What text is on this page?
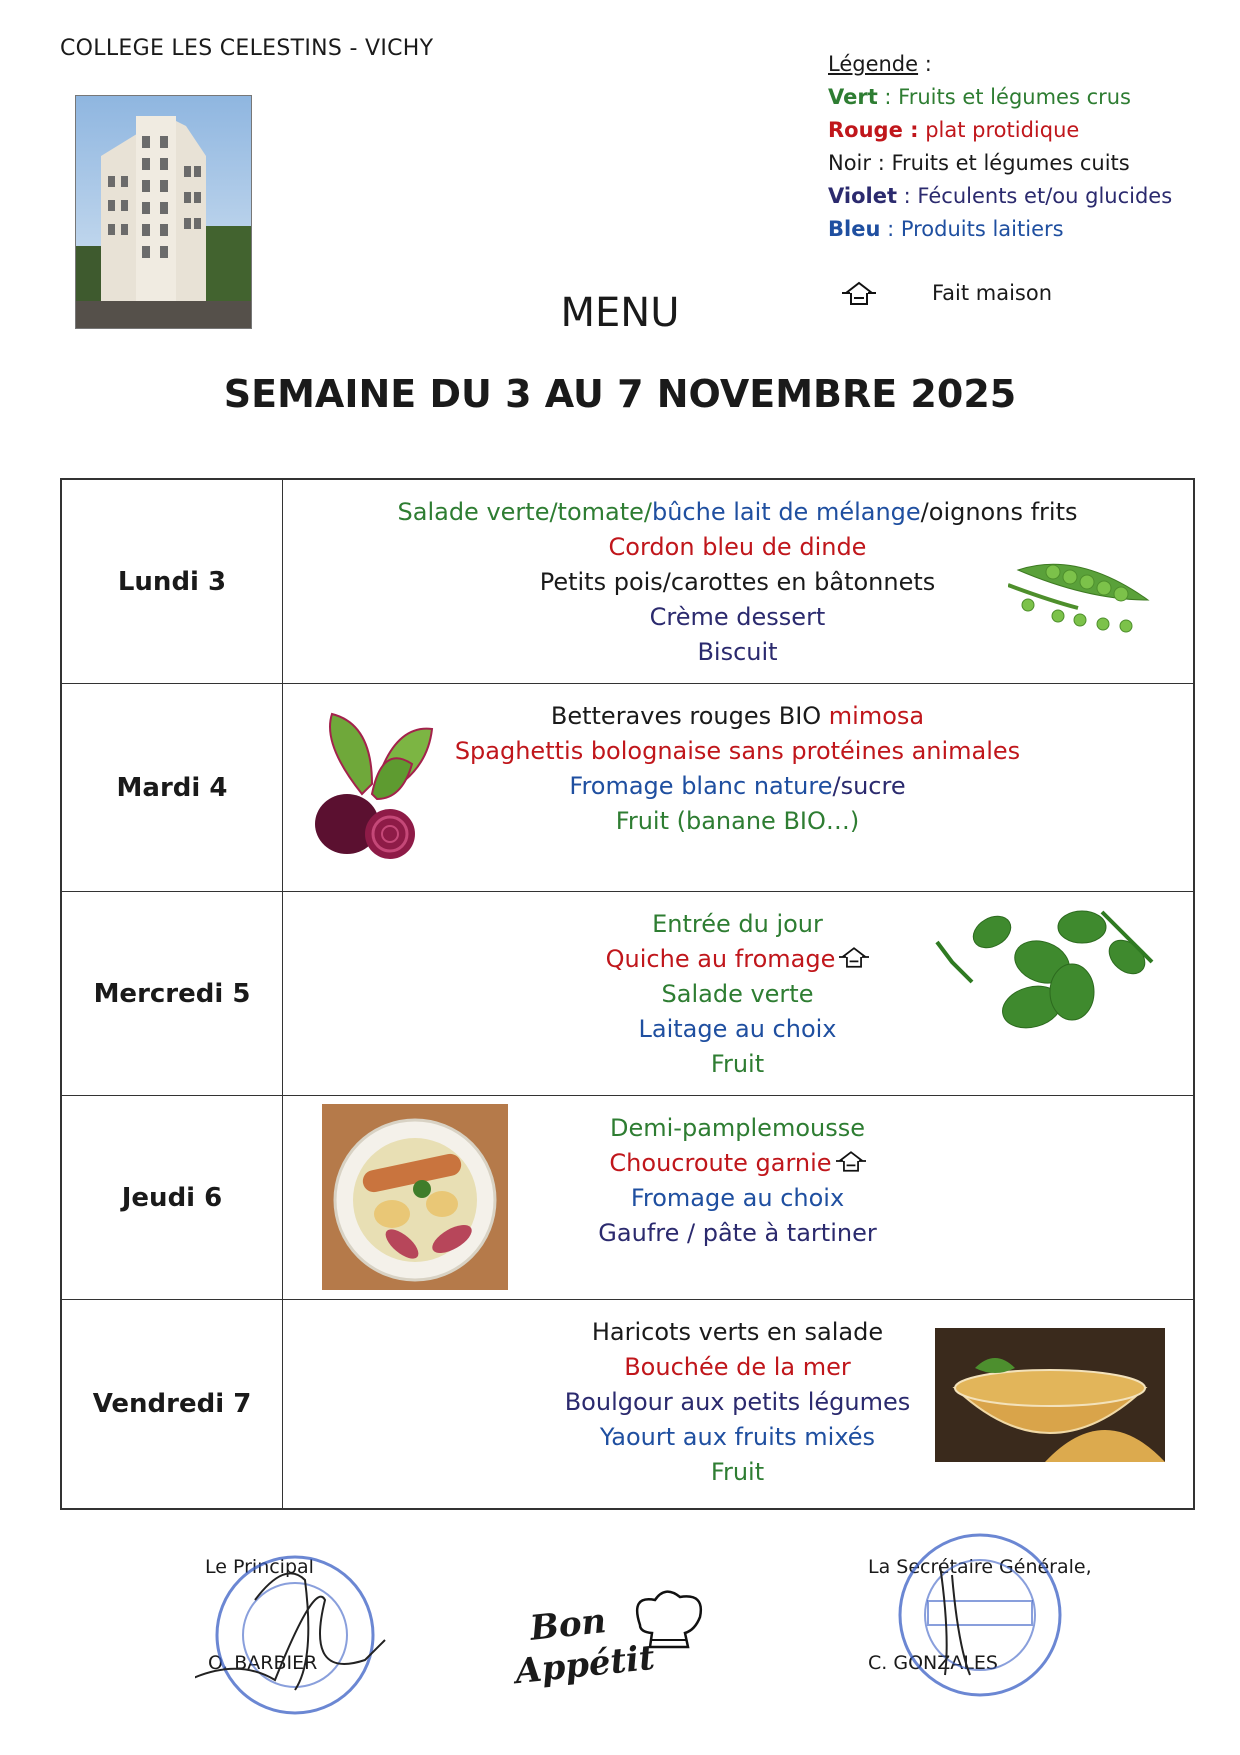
COLLEGE LES CELESTINS - VICHY
Légende :
Vert : Fruits et légumes crus
Rouge : plat protidique
Noir : Fruits et légumes cuits
Violet : Féculents et/ou glucides
Bleu : Produits laitiers
Fait maison
MENU
SEMAINE DU 3 AU 7 NOVEMBRE 2025
Lundi 3
Salade verte/tomate/bûche lait de mélange/oignons frits
Cordon bleu de dinde
Petits pois/carottes en bâtonnets
Crème dessert
Biscuit
Mardi 4
Betteraves rouges BIO mimosa
Spaghettis bolognaise sans protéines animales
Fromage blanc nature/sucre
Fruit (banane BIO…)
Mercredi 5
Entrée du jour
Quiche au fromage
Salade verte
Laitage au choix
Fruit
Jeudi 6
Demi-pamplemousse
Choucroute garnie
Fromage au choix
Gaufre / pâte à tartiner
Vendredi 7
Haricots verts en salade
Bouchée de la mer
Boulgour aux petits légumes
Yaourt aux fruits mixés
Fruit
Le Principal
O. BARBIER
La Secrétaire Générale,
C. GONZALES
Bon
Appétit
